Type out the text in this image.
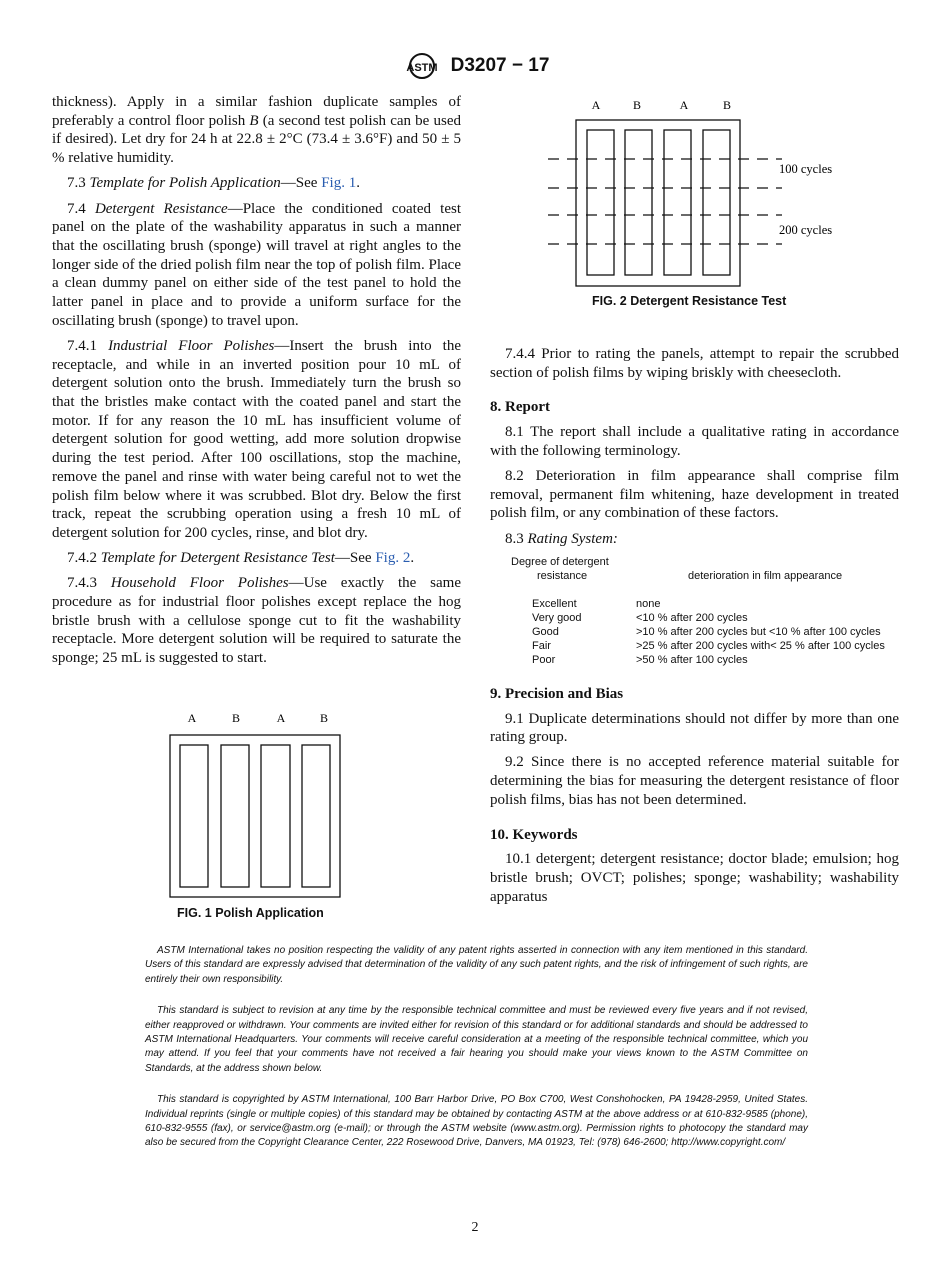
ASTM D3207 − 17

thickness). Apply in a similar fashion duplicate samples of preferably a control floor polish B (a second test polish can be used if desired). Let dry for 24 h at 22.8 ± 2°C (73.4 ± 3.6°F) and 50 ± 5 % relative humidity.

7.3 Template for Polish Application—See Fig. 1.

7.4 Detergent Resistance—Place the conditioned coated test panel on the plate of the washability apparatus in such a manner that the oscillating brush (sponge) will travel at right angles to the longer side of the dried polish film near the top of polish film. Place a clean dummy panel on either side of the test panel to hold the latter panel in place and to provide a uniform surface for the oscillating brush (sponge) to travel upon.

7.4.1 Industrial Floor Polishes—Insert the brush into the receptacle, and while in an inverted position pour 10 mL of detergent solution onto the brush. Immediately turn the brush so that the bristles make contact with the coated panel and start the motor. If for any reason the 10 mL has insufficient volume of detergent solution for good wetting, add more solution dropwise during the test period. After 100 oscillations, stop the machine, remove the panel and rinse with water being careful not to wet the polish film below where it was scrubbed. Blot dry. Below the first track, repeat the scrubbing operation using a fresh 10 mL of detergent solution for 200 cycles, rinse, and blot dry.

7.4.2 Template for Detergent Resistance Test—See Fig. 2.

7.4.3 Household Floor Polishes—Use exactly the same procedure as for industrial floor polishes except replace the hog bristle brush with a cellulose sponge cut to fit the washability receptacle. More detergent solution will be required to saturate the sponge; 25 mL is suggested to start.

A	B	A	B
FIG. 1 Polish Application
A	B	A	B
100 cycles
200 cycles
FIG. 2 Detergent Resistance Test

7.4.4 Prior to rating the panels, attempt to repair the scrubbed section of polish films by wiping briskly with cheesecloth.

8. Report

8.1 The report shall include a qualitative rating in accordance with the following terminology.

8.2 Deterioration in film appearance shall comprise film removal, permanent film whitening, haze development in treated polish film, or any combination of these factors.

8.3 Rating System:

Degree of detergent
resistance	deterioration in film appearance
Excellent	none
Very good	<10 % after 200 cycles
Good	>10 % after 200 cycles but <10 % after 100 cycles
Fair	>25 % after 200 cycles with< 25 % after 100 cycles
Poor	>50 % after 100 cycles
9. Precision and Bias

9.1 Duplicate determinations should not differ by more than one rating group.

9.2 Since there is no accepted reference material suitable for determining the bias for measuring the detergent resistance of floor polish films, bias has not been determined.

10. Keywords

10.1 detergent; detergent resistance; doctor blade; emulsion; hog bristle brush; OVCT; polishes; sponge; washability; washability apparatus

ASTM International takes no position respecting the validity of any patent rights asserted in connection with any item mentioned in this standard. Users of this standard are expressly advised that determination of the validity of any such patent rights, and the risk of infringement of such rights, are entirely their own responsibility.

This standard is subject to revision at any time by the responsible technical committee and must be reviewed every five years and if not revised, either reapproved or withdrawn. Your comments are invited either for revision of this standard or for additional standards and should be addressed to ASTM International Headquarters. Your comments will receive careful consideration at a meeting of the responsible technical committee, which you may attend. If you feel that your comments have not received a fair hearing you should make your views known to the ASTM Committee on Standards, at the address shown below.

This standard is copyrighted by ASTM International, 100 Barr Harbor Drive, PO Box C700, West Conshohocken, PA 19428-2959, United States. Individual reprints (single or multiple copies) of this standard may be obtained by contacting ASTM at the above address or at 610-832-9585 (phone), 610-832-9555 (fax), or service@astm.org (e-mail); or through the ASTM website (www.astm.org). Permission rights to photocopy the standard may also be secured from the Copyright Clearance Center, 222 Rosewood Drive, Danvers, MA 01923, Tel: (978) 646-2600; http://www.copyright.com/

2
